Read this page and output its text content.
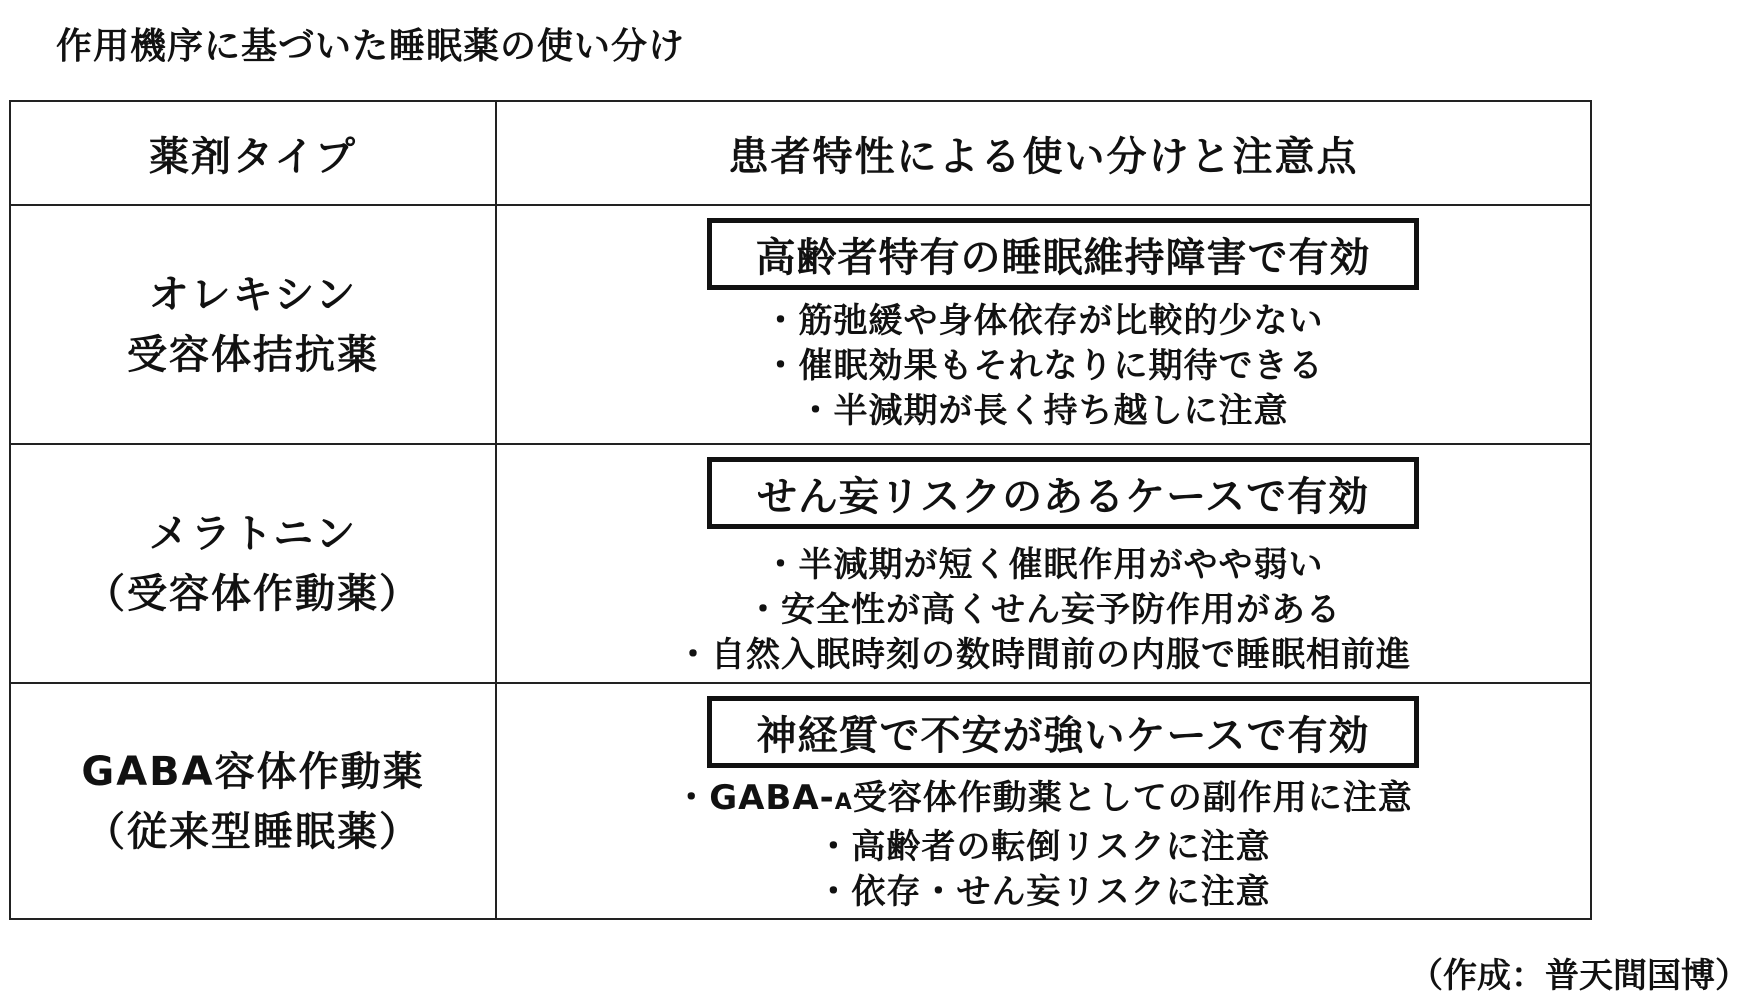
作用機序に基づいた睡眠薬の使い分け
薬剤タイプ	患者特性による使い分けと注意点
オレキシン
受容体拮抗薬
高齢者特有の睡眠維持障害で有効
・筋弛緩や身体依存が比較的少ない
・催眠効果もそれなりに期待できる
・半減期が長く持ち越しに注意
メラトニン
（受容体作動薬）
せん妄リスクのあるケースで有効
・半減期が短く催眠作用がやや弱い
・安全性が高くせん妄予防作用がある
・自然入眠時刻の数時間前の内服で睡眠相前進
GABA容体作動薬
（従来型睡眠薬）
神経質で不安が強いケースで有効
・GABA-A受容体作動薬としての副作用に注意
・高齢者の転倒リスクに注意
・依存・せん妄リスクに注意
（作成：普天間国博）
